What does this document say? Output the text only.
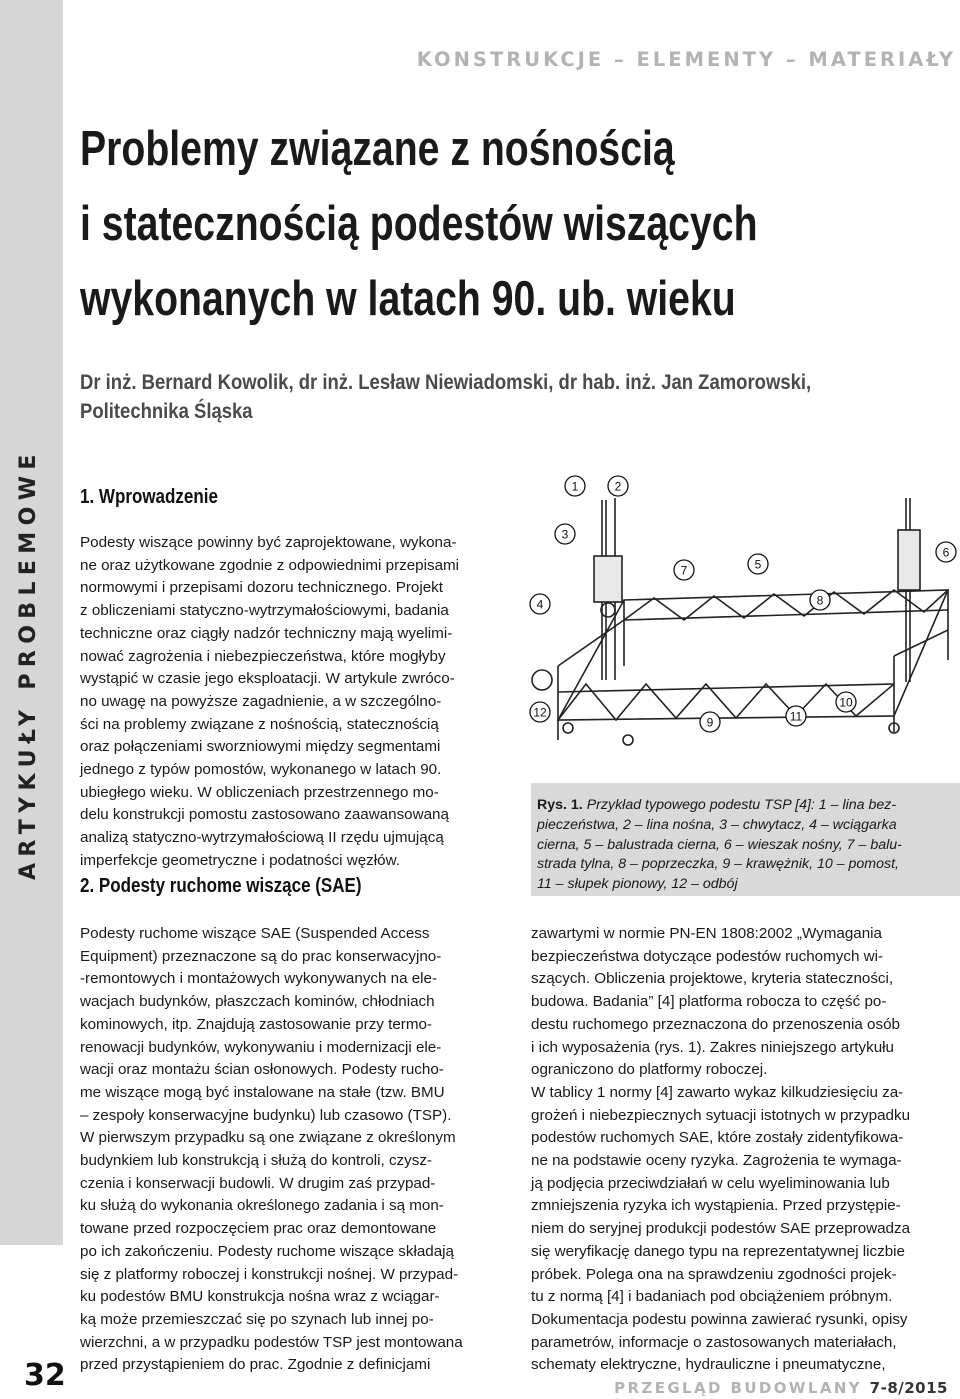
ARTYKUŁY PROBLEMOWE
32
KONSTRUKCJE – ELEMENTY – MATERIAŁY
Problemy związane z nośnością
i statecznością podestów wiszących
wykonanych w latach 90. ub. wieku
Dr inż. Bernard Kowolik, dr inż. Lesław Niewiadomski, dr hab. inż. Jan Zamorowski,
Politechnika Śląska
1. Wprowadzenie
Podesty wiszące powinny być zaprojektowane, wykona-
ne oraz użytkowane zgodnie z odpowiednimi przepisami
normowymi i przepisami dozoru technicznego. Projekt
z obliczeniami statyczno-wytrzymałościowymi, badania
techniczne oraz ciągły nadzór techniczny mają wyelimi-
nować zagrożenia i niebezpieczeństwa, które mogłyby
wystąpić w czasie jego eksploatacji. W artykule zwróco-
no uwagę na powyższe zagadnienie, a w szczególno-
ści na problemy związane z nośnością, statecznością
oraz połączeniami sworzniowymi między segmentami
jednego z typów pomostów, wykonanego w latach 90.
ubiegłego wieku. W obliczeniach przestrzennego mo-
delu konstrukcji pomostu zastosowano zaawansowaną
analizą statyczno-wytrzymałościową II rzędu ujmującą
imperfekcje geometryczne i podatności węzłów.
2. Podesty ruchome wiszące (SAE)
1	2
3
4
5
6
7
8
9
10
11
12
Rys. 1. Przykład typowego podestu TSP [4]: 1 – lina bez-
pieczeństwa, 2 – lina nośna, 3 – chwytacz, 4 – wciągarka
cierna, 5 – balustrada cierna, 6 – wieszak nośny, 7 – balu-
strada tylna, 8 – poprzeczka, 9 – krawężnik, 10 – pomost,
11 – słupek pionowy, 12 – odbój
Podesty ruchome wiszące SAE (Suspended Access
Equipment) przeznaczone są do prac konserwacyjno-
-remontowych i montażowych wykonywanych na ele-
wacjach budynków, płaszczach kominów, chłodniach
kominowych, itp. Znajdują zastosowanie przy termo-
renowacji budynków, wykonywaniu i modernizacji ele-
wacji oraz montażu ścian osłonowych. Podesty rucho-
me wiszące mogą być instalowane na stałe (tzw. BMU
– zespoły konserwacyjne budynku) lub czasowo (TSP).
W pierwszym przypadku są one związane z określonym
budynkiem lub konstrukcją i służą do kontroli, czysz-
czenia i konserwacji budowli. W drugim zaś przypad-
ku służą do wykonania określonego zadania i są mon-
towane przed rozpoczęciem prac oraz demontowane
po ich zakończeniu. Podesty ruchome wiszące składają
się z platformy roboczej i konstrukcji nośnej. W przypad-
ku podestów BMU konstrukcja nośna wraz z wciągar-
ką może przemieszczać się po szynach lub innej po-
wierzchni, a w przypadku podestów TSP jest montowana
przed przystąpieniem do prac. Zgodnie z definicjami
zawartymi w normie PN-EN 1808:2002 „Wymagania
bezpieczeństwa dotyczące podestów ruchomych wi-
szących. Obliczenia projektowe, kryteria stateczności,
budowa. Badania” [4] platforma robocza to część po-
destu ruchomego przeznaczona do przenoszenia osób
i ich wyposażenia (rys. 1). Zakres niniejszego artykułu
ograniczono do platformy roboczej.
W tablicy 1 normy [4] zawarto wykaz kilkudziesięciu za-
grożeń i niebezpiecznych sytuacji istotnych w przypadku
podestów ruchomych SAE, które zostały zidentyfikowa-
ne na podstawie oceny ryzyka. Zagrożenia te wymaga-
ją podjęcia przeciwdziałań w celu wyeliminowania lub
zmniejszenia ryzyka ich wystąpienia. Przed przystępie-
niem do seryjnej produkcji podestów SAE przeprowadza
się weryfikację danego typu na reprezentatywnej liczbie
próbek. Polega ona na sprawdzeniu zgodności projek-
tu z normą [4] i badaniach pod obciążeniem próbnym.
Dokumentacja podestu powinna zawierać rysunki, opisy
parametrów, informacje o zastosowanych materiałach,
schematy elektryczne, hydrauliczne i pneumatyczne,
PRZEGLĄD BUDOWLANY 7-8/2015
